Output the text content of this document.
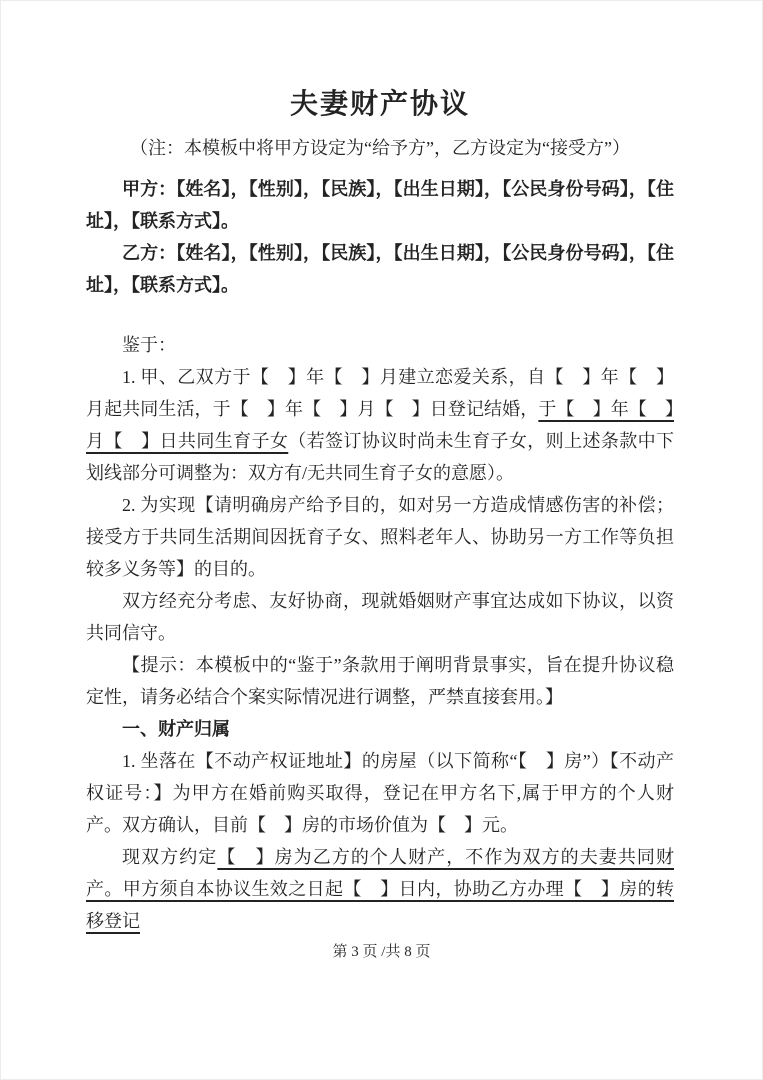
夫妻财产协议

（注：本模板中将甲方设定为“给予方”，乙方设定为“接受方”）

甲方：【姓名】，【性别】，【民族】，【出生日期】，【公民身份号码】，【住址】，【联系方式】。

乙方：【姓名】，【性别】，【民族】，【出生日期】，【公民身份号码】，【住址】，【联系方式】。

鉴于：

1. 甲、乙双方于【　】年【　】月建立恋爱关系，自【　】年【　】月起共同生活，于【　】年【　】月【　】日登记结婚，于【　】年【　】月【　】日共同生育子女（若签订协议时尚未生育子女，则上述条款中下划线部分可调整为：双方有/无共同生育子女的意愿）。

2. 为实现【请明确房产给予目的，如对另一方造成情感伤害的补偿；接受方于共同生活期间因抚育子女、照料老年人、协助另一方工作等负担较多义务等】的目的。

双方经充分考虑、友好协商，现就婚姻财产事宜达成如下协议，以资共同信守。

【提示：本模板中的“鉴于”条款用于阐明背景事实，旨在提升协议稳定性，请务必结合个案实际情况进行调整，严禁直接套用。】

一、财产归属

1. 坐落在【不动产权证地址】的房屋（以下简称“【　】房”）【不动产权证号：】为甲方在婚前购买取得，登记在甲方名下,属于甲方的个人财产。双方确认，目前【　】房的市场价值为【　】元。

现双方约定【　】房为乙方的个人财产，不作为双方的夫妻共同财产。甲方须自本协议生效之日起【　】日内，协助乙方办理【　】房的转移登记

第 3 页 /共 8 页
